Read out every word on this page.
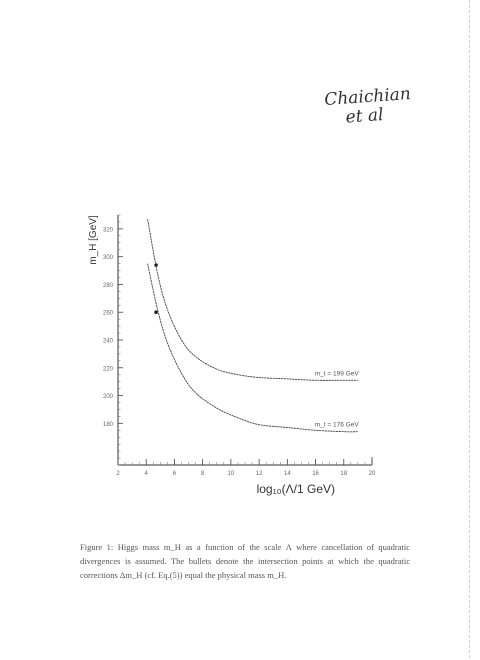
Chaichian
et al
180
200
220
240
260
280
300
320
2	4	6	8	10	12	14	16	18	20
log₁₀(Λ/1 GeV)
m_H [GeV]
m_t = 199 GeV
m_t = 176 GeV
Figure 1: Higgs mass m_H as a function of the scale Λ where cancellation of quadratic divergences is assumed. The bullets denote the intersection points at which the quadratic corrections Δm_H (cf. Eq.(5)) equal the physical mass m_H.
